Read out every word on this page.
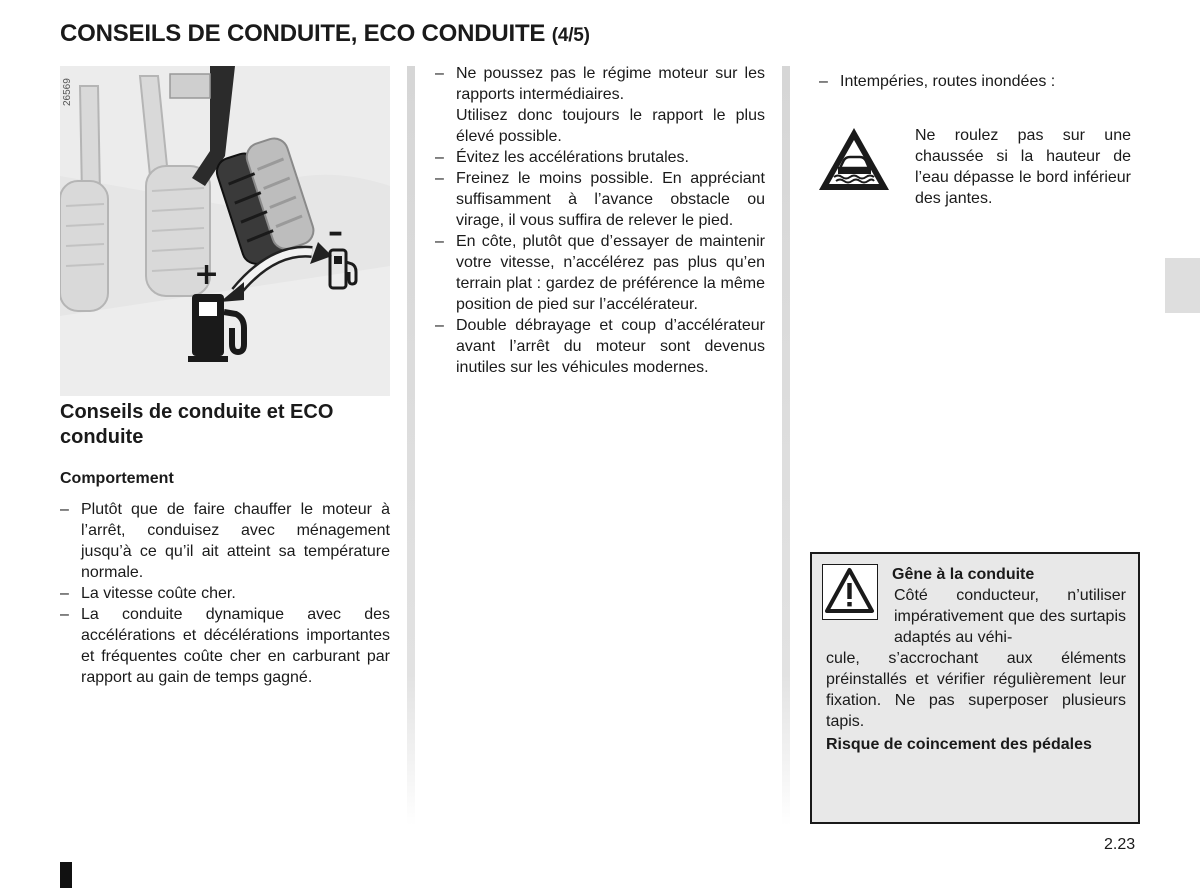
CONSEILS DE CONDUITE, ECO CONDUITE (4/5)
+
–
26569
Conseils de conduite et ECO conduite
Comportement
– Plutôt que de faire chauffer le moteur à l’arrêt, conduisez avec ménagement jusqu’à ce qu’il ait atteint sa température normale.
– La vitesse coûte cher.
– La conduite dynamique avec des accélérations et décélérations importantes et fréquentes coûte cher en carburant par rapport au gain de temps gagné.
– Ne poussez pas le régime moteur sur les rapports intermédiaires.
Utilisez donc toujours le rapport le plus élevé possible.
– Évitez les accélérations brutales.
– Freinez le moins possible. En appréciant suffisamment à l’avance obstacle ou virage, il vous suffira de relever le pied.
– En côte, plutôt que d’essayer de maintenir votre vitesse, n’accélérez pas plus qu’en terrain plat : gardez de préférence la même position de pied sur l’accélérateur.
– Double débrayage et coup d’accélérateur avant l’arrêt du moteur sont devenus inutiles sur les véhicules modernes.
– Intempéries, routes inondées :
Ne roulez pas sur une chaussée si la hauteur de l’eau dépasse le bord inférieur des jantes.
Gêne à la conduite
Côté conducteur, n’utiliser impérativement que des surtapis adaptés au véhi-
cule, s’accrochant aux éléments préinstallés et vérifier régulièrement leur fixation. Ne pas superposer plusieurs tapis.
Risque de coincement des pédales
2.23
